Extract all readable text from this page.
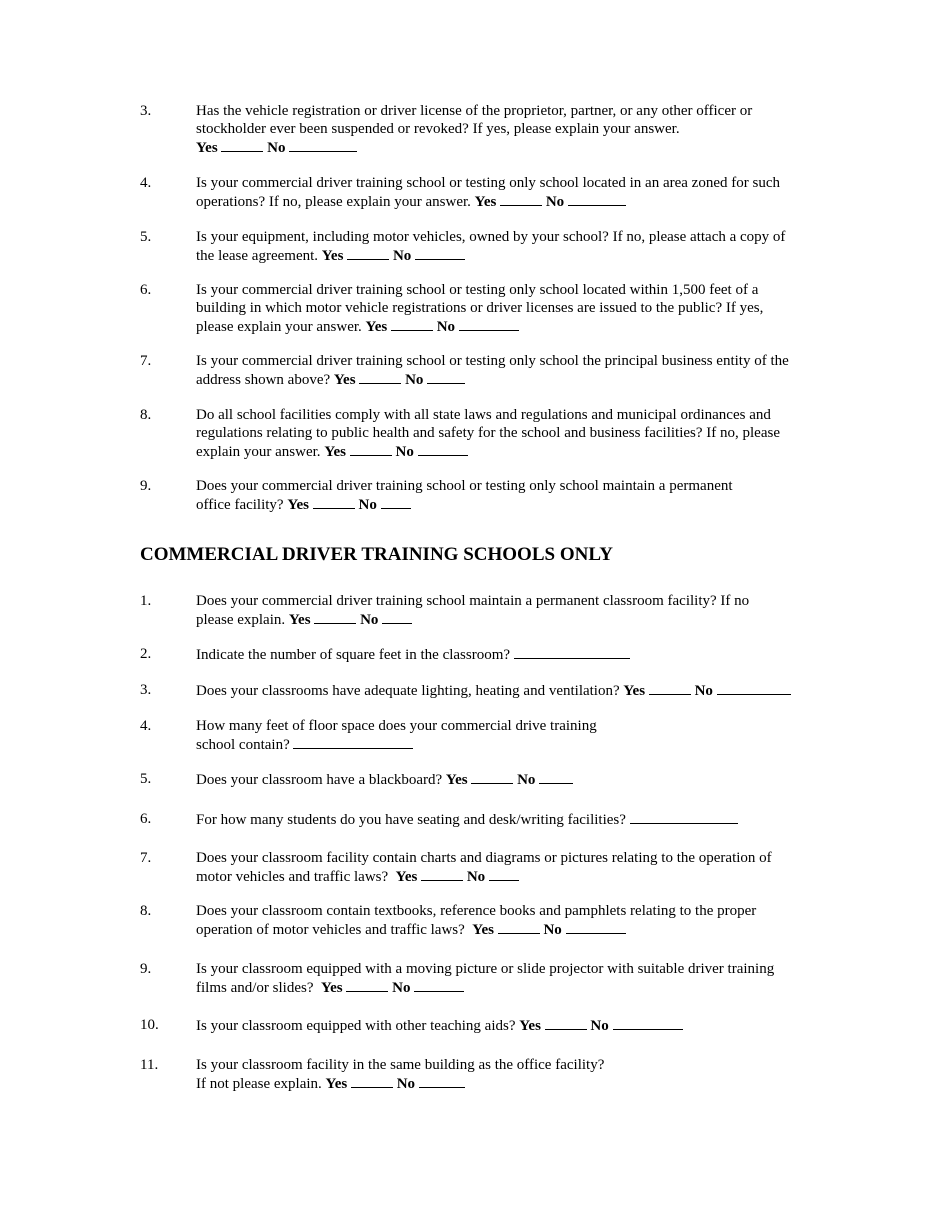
3.	Has the vehicle registration or driver license of the proprietor, partner, or any other officer or
stockholder ever been suspended or revoked? If yes, please explain your answer.
Yes	No
4.	Is your commercial driver training school or testing only school located in an area zoned for such
operations? If no, please explain your answer. Yes	No
5.	Is your equipment, including motor vehicles, owned by your school? If no, please attach a copy of
the lease agreement. Yes	No
6.	Is your commercial driver training school or testing only school located within 1,500 feet of a
building in which motor vehicle registrations or driver licenses are issued to the public? If yes,
please explain your answer. Yes	No
7.	Is your commercial driver training school or testing only school the principal business entity of the
address shown above? Yes	No
8.	Do all school facilities comply with all state laws and regulations and municipal ordinances and
regulations relating to public health and safety for the school and business facilities? If no, please
explain your answer. Yes	No
9.	Does your commercial driver training school or testing only school maintain a permanent
office facility? Yes	No
COMMERCIAL DRIVER TRAINING SCHOOLS ONLY
1.	Does your commercial driver training school maintain a permanent classroom facility? If no
please explain. Yes	No
2.	Indicate the number of square feet in the classroom?
3.	Does your classrooms have adequate lighting, heating and ventilation? Yes	No
4.	How many feet of floor space does your commercial drive training
school contain?
5.	Does your classroom have a blackboard? Yes	No
6.	For how many students do you have seating and desk/writing facilities?
7.	Does your classroom facility contain charts and diagrams or pictures relating to the operation of
motor vehicles and traffic laws? Yes	No
8.	Does your classroom contain textbooks, reference books and pamphlets relating to the proper
operation of motor vehicles and traffic laws? Yes	No
9.	Is your classroom equipped with a moving picture or slide projector with suitable driver training
films and/or slides? Yes	No
10. Is your classroom equipped with other teaching aids? Yes	No
11.	Is your classroom facility in the same building as the office facility?
If not please explain. Yes	No
